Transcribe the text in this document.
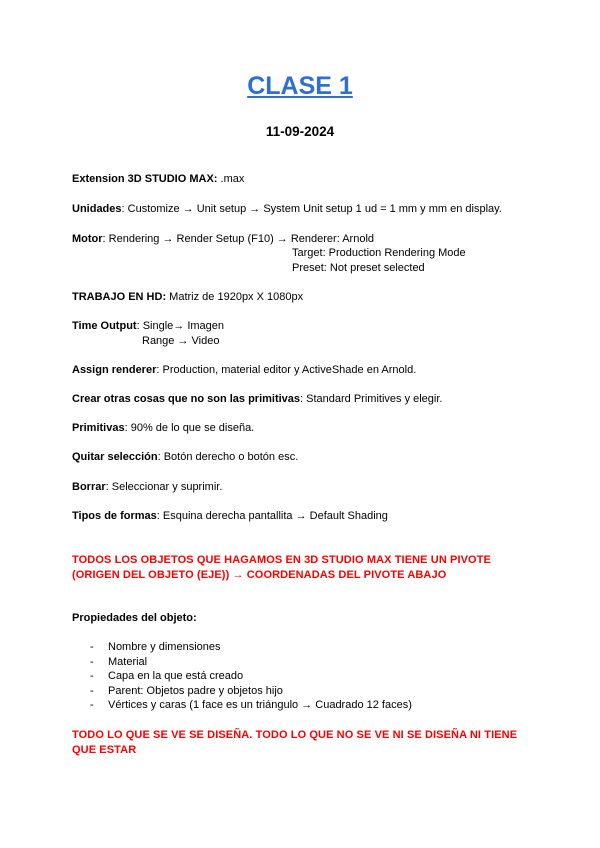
CLASE 1
11-09-2024
Extension 3D STUDIO MAX: .max
Unidades: Customize → Unit setup → System Unit setup 1 ud = 1 mm y mm en display.
Motor: Rendering → Render Setup (F10) → Renderer: Arnold
Target: Production Rendering Mode
Preset: Not preset selected
TRABAJO EN HD: Matriz de 1920px X 1080px
Time Output: Single→ Imagen
Range → Video
Assign renderer: Production, material editor y ActiveShade en Arnold.
Crear otras cosas que no son las primitivas: Standard Primitives y elegir.
Primitivas: 90% de lo que se diseña.
Quitar selección: Botón derecho o botón esc.
Borrar: Seleccionar y suprimir.
Tipos de formas: Esquina derecha pantallita → Default Shading
TODOS LOS OBJETOS QUE HAGAMOS EN 3D STUDIO MAX TIENE UN PIVOTE (ORIGEN DEL OBJETO (EJE)) → COORDENADAS DEL PIVOTE ABAJO
Propiedades del objeto:
- Nombre y dimensiones
- Material
- Capa en la que está creado
- Parent: Objetos padre y objetos hijo
- Vértices y caras (1 face es un triángulo → Cuadrado 12 faces)
TODO LO QUE SE VE SE DISEÑA. TODO LO QUE NO SE VE NI SE DISEÑA NI TIENE QUE ESTAR
